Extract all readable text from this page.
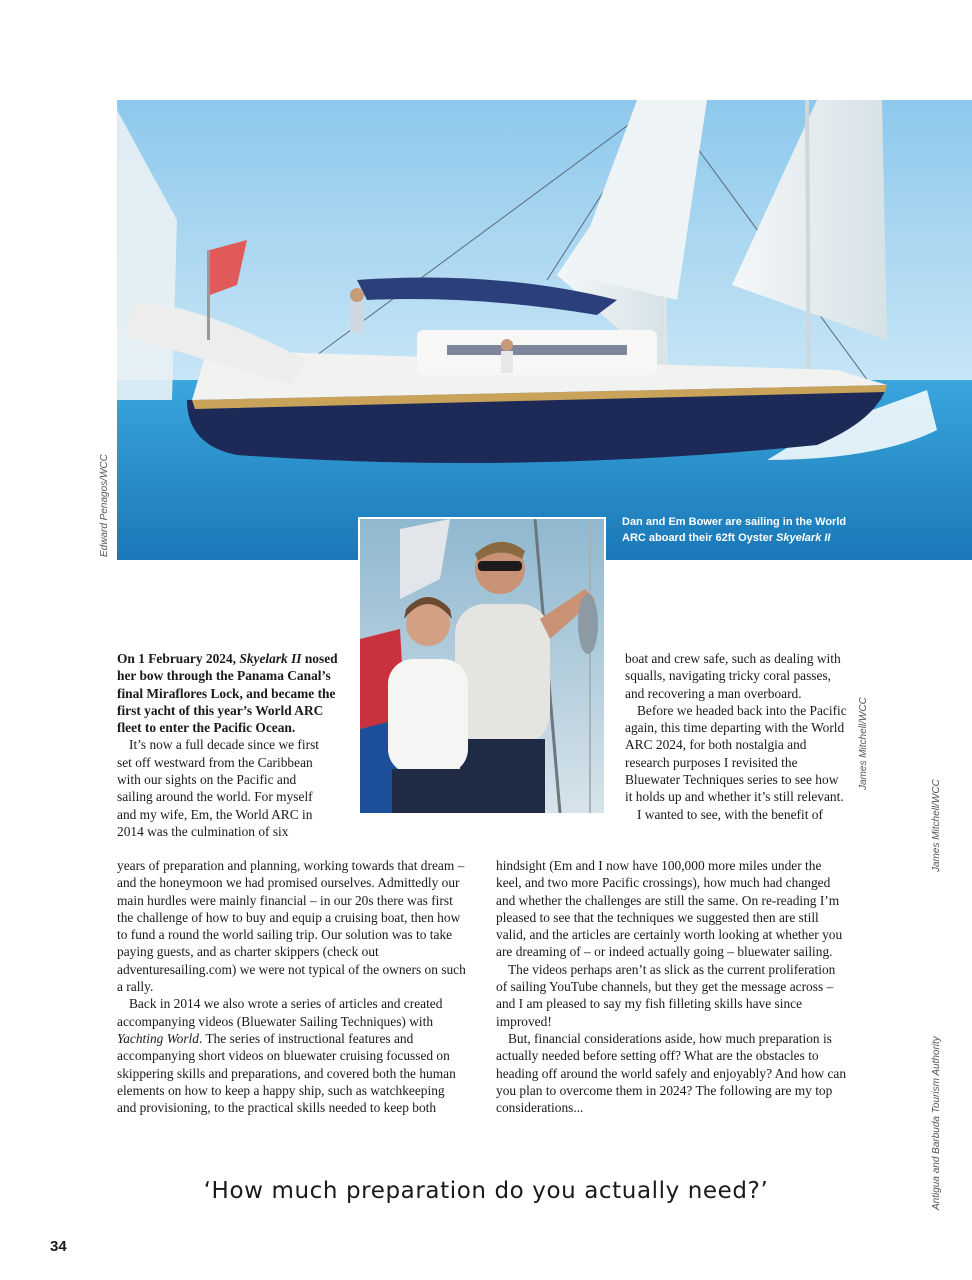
Edward Penagos/WCC	Dan and Em Bower are sailing in the World
ARC aboard their 62ft Oyster Skyelark II
James Mitchell/WCC
James Mitchell/WCC
Antigua and Barbuda Tourism Authority

On 1 February 2024, Skyelark II nosed her bow through the Panama Canal’s final Miraflores Lock, and became the first yacht of this year’s World ARC fleet to enter the Pacific Ocean.

It’s now a full decade since we first

set off westward from the Caribbean
with our sights on the Pacific and
sailing around the world. For myself
and my wife, Em, the World ARC in
2014 was the culmination of six

years of preparation and planning, working towards that dream – and the honeymoon we had promised ourselves. Admittedly our main hurdles were mainly financial – in our 20s there was first the challenge of how to buy and equip a cruising boat, then how to fund a round the world sailing trip. Our solution was to take paying guests, and as charter skippers (check out adventuresailing.com) we were not typical of the owners on such a rally.

Back in 2014 we also wrote a series of articles and created accompanying videos (Bluewater Sailing Techniques) with Yachting World. The series of instructional features and accompanying short videos on bluewater cruising focussed on skippering skills and preparations, and covered both the human elements on how to keep a happy ship, such as watchkeeping and provisioning, to the practical skills needed to keep both

boat and crew safe, such as dealing with squalls, navigating tricky coral passes, and recovering a man overboard.

Before we headed back into the Pacific again, this time departing with the World ARC 2024, for both nostalgia and research purposes I revisited the Bluewater Techniques series to see how it holds up and whether it’s still relevant.

I wanted to see, with the benefit of

hindsight (Em and I now have 100,000 more miles under the keel, and two more Pacific crossings), how much had changed and whether the challenges are still the same. On re-reading I’m pleased to see that the techniques we suggested then are still valid, and the articles are certainly worth looking at whether you are dreaming of – or indeed actually going – bluewater sailing.

The videos perhaps aren’t as slick as the current proliferation of sailing YouTube channels, but they get the message across – and I am pleased to say my fish filleting skills have since improved!

But, financial considerations aside, how much preparation is actually needed before setting off? What are the obstacles to heading off around the world safely and enjoyably? And how can you plan to overcome them in 2024? The following are my top considerations...

‘How much preparation do you actually need?’
34
